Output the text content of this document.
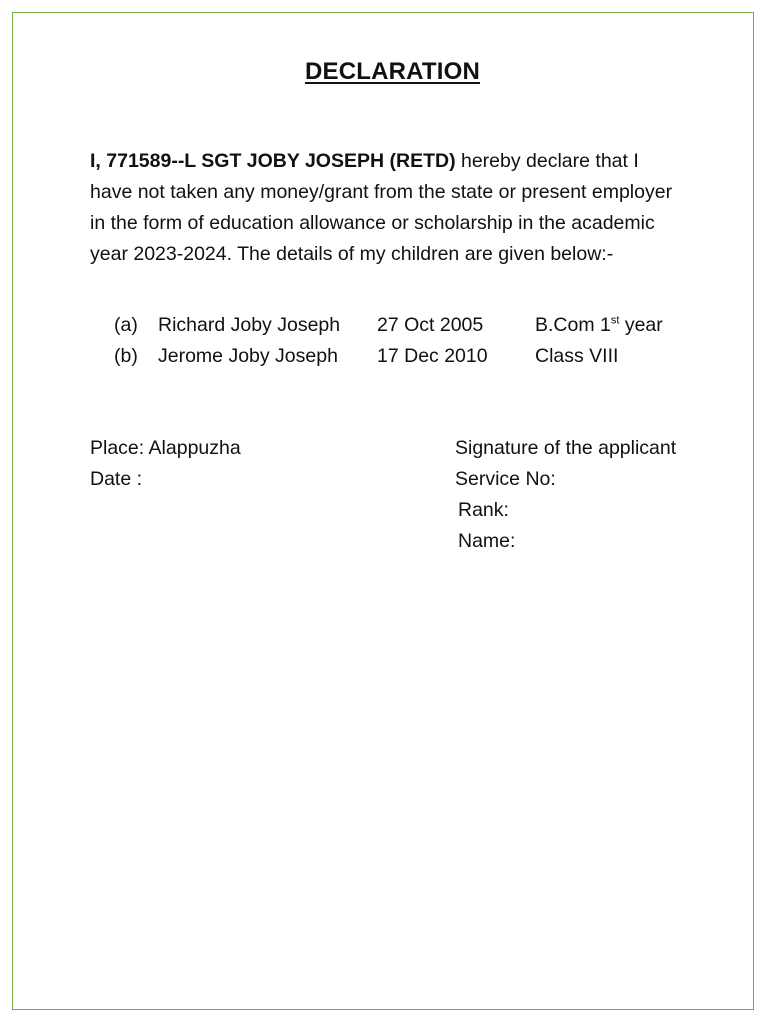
DECLARATION
I, 771589--L SGT JOBY JOSEPH (RETD) hereby declare that I have not taken any money/grant from the state or present employer in the form of education allowance or scholarship in the academic year 2023-2024. The details of my children are given below:-
(a) Richard Joby Joseph 27 Oct 2005	B.Com 1st year
(b) Jerome Joby Joseph 17 Dec 2010 Class VIII
Place: Alappuzha
Date :
Signature of the applicant
Service No:
Rank:
Name:
